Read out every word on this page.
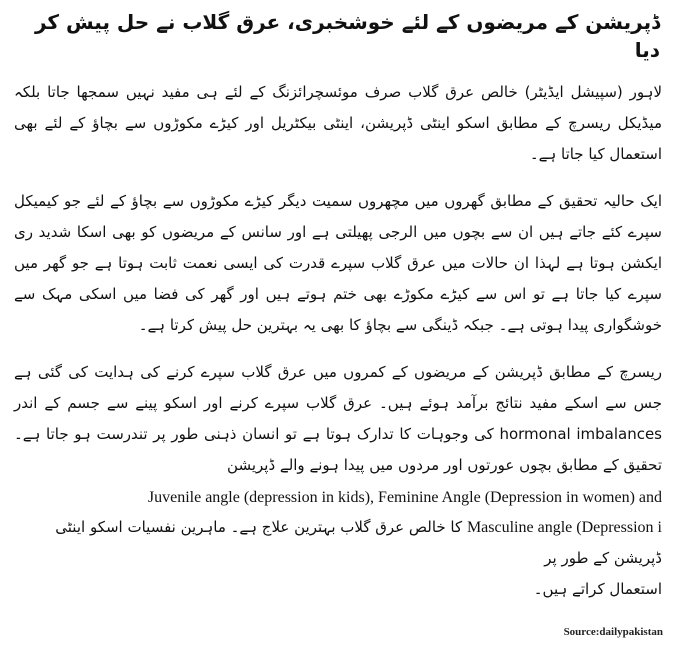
ڈپریشن کے مریضوں کے لئے خوشخبری، عرق گلاب نے حل پیش کر دیا

لاہور (سپیشل ایڈیٹر) خالص عرق گلاب صرف موئسچرائزنگ کے لئے ہی مفید نہیں سمجھا جاتا بلکہ میڈیکل ریسرچ کے مطابق اسکو اینٹی ڈپریشن، اینٹی بیکٹریل اور کیڑے مکوڑوں سے بچاؤ کے لئے بھی استعمال کیا جاتا ہے۔

ایک حالیہ تحقیق کے مطابق گھروں میں مچھروں سمیت دیگر کیڑے مکوڑوں سے بچاؤ کے لئے جو کیمیکل سپرے کئے جاتے ہیں ان سے بچوں میں الرجی پھیلتی ہے اور سانس کے مریضوں کو بھی اسکا شدید ری ایکشن ہوتا ہے لہذا ان حالات میں عرق گلاب سپرے قدرت کی ایسی نعمت ثابت ہوتا ہے جو گھر میں سپرے کیا جاتا ہے تو اس سے کیڑے مکوڑے بھی ختم ہوتے ہیں اور گھر کی فضا میں اسکی مہک سے خوشگواری پیدا ہوتی ہے۔ جبکہ ڈینگی سے بچاؤ کا بھی یہ بہترین حل پیش کرتا ہے۔

ریسرچ کے مطابق ڈپریشن کے مریضوں کے کمروں میں عرق گلاب سپرے کرنے کی ہدایت کی گئی ہے جس سے اسکے مفید نتائج برآمد ہوئے ہیں۔ عرق گلاب سپرے کرنے اور اسکو پینے سے جسم کے اندر hormonal imbalances کی وجوہات کا تدارک ہوتا ہے تو انسان ذہنی طور پر تندرست ہو جاتا ہے۔ تحقیق کے مطابق بچوں عورتوں اور مردوں میں پیدا ہونے والے ڈپریشن

Juvenile angle (depression in kids), Feminine Angle (Depression in women) and

Masculine angle (Depression i کا خالص عرق گلاب بہترین علاج ہے۔ ماہرین نفسیات اسکو اینٹی ڈپریشن کے طور پر

استعمال کراتے ہیں۔

Source:dailypakistan
